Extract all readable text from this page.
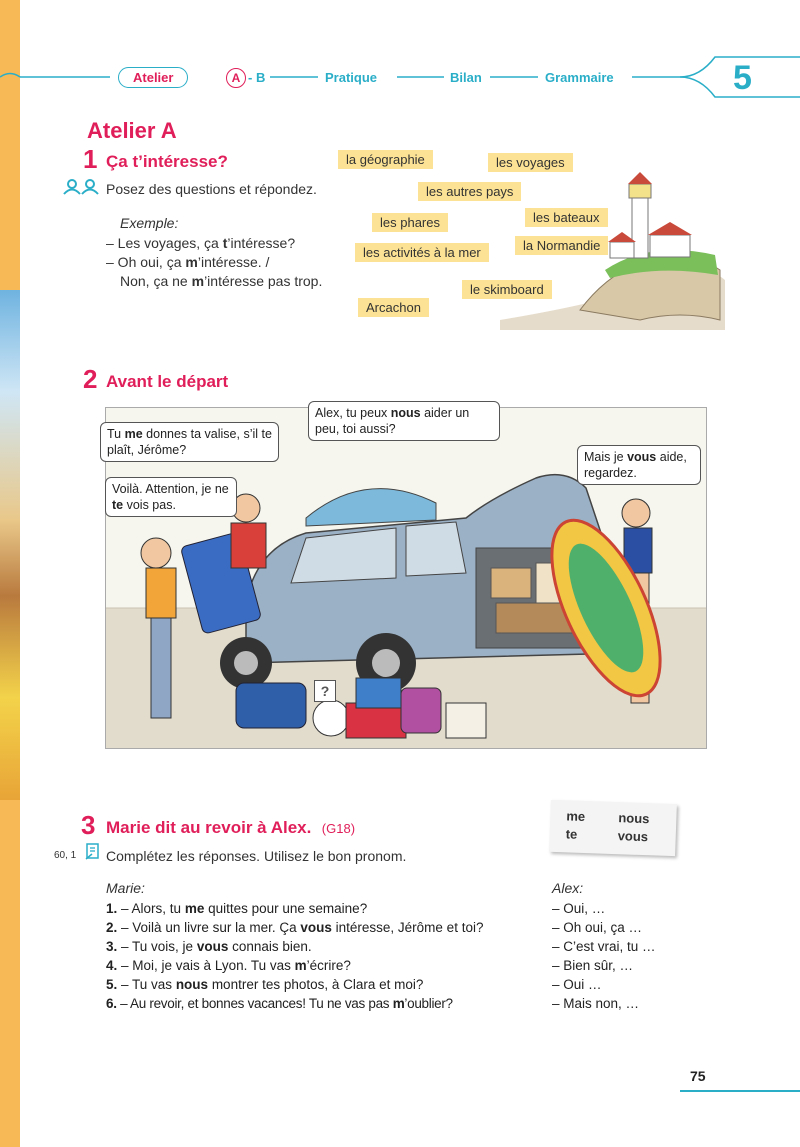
Atelier	A - B	Pratique	Bilan	Grammaire	5
Atelier A
1 Ça t’intéresse?
Posez des questions et répondez.
Exemple:
– Les voyages, ça t’intéresse?
– Oh oui, ça m’intéresse. /
Non, ça ne m’intéresse pas trop.
la géographie	les voyages
les autres pays
les phares	les bateaux
les activités à la mer	la Normandie
le skimboard
Arcachon
2 Avant le départ
?
Tu me donnes ta valise, s’il te plaît, Jérôme?
Alex, tu peux nous aider un peu, toi aussi?
Voilà. Attention, je ne te vois pas.
Mais je vous aide, regardez.
3 Marie dit au revoir à Alex. (G18)
60, 1 Complétez les réponses. Utilisez le bon pronom.
me	nous
te	vous
Marie:	Alex:
1. – Alors, tu me quittes pour une semaine?	– Oui, …
2. – Voilà un livre sur la mer. Ça vous intéresse, Jérôme et toi?	– Oh oui, ça …
3. – Tu vois, je vous connais bien.	– C’est vrai, tu …
4. – Moi, je vais à Lyon. Tu vas m’écrire?	– Bien sûr, …
5. – Tu vas nous montrer tes photos, à Clara et moi?	– Oui …
6. – Au revoir, et bonnes vacances! Tu ne vas pas m’oublier?	– Mais non, …
75
